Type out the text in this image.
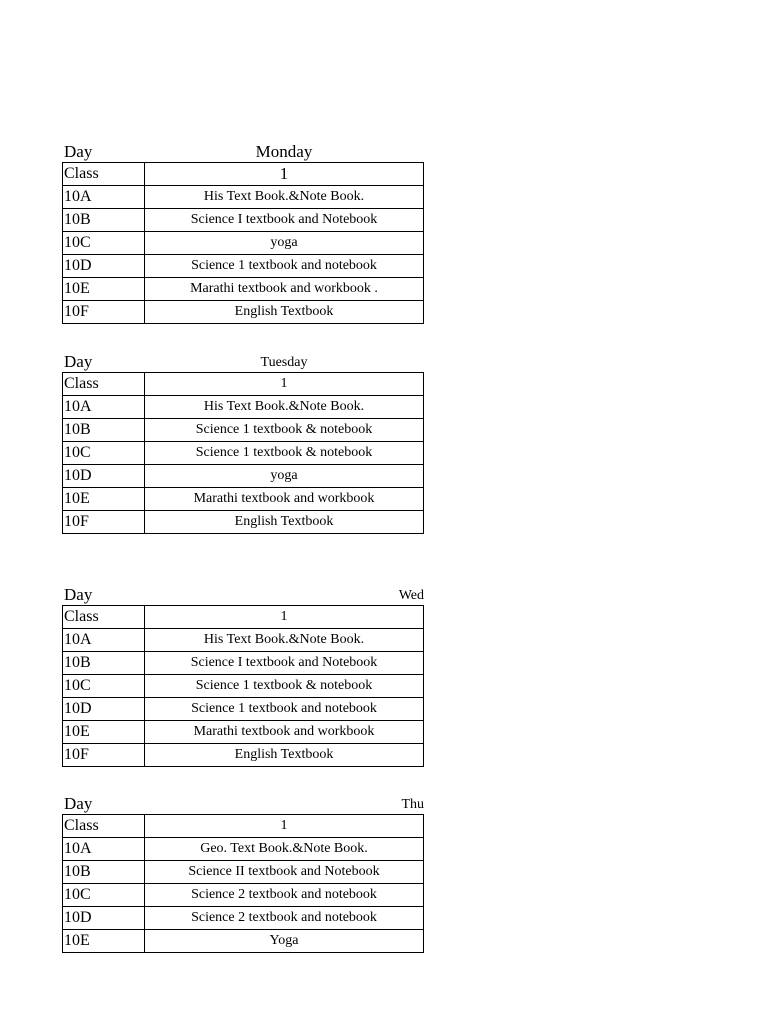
Day	Monday
Class	1
10A	His Text Book.&Note Book.
10B	Science I textbook and Notebook
10C	yoga
10D	Science 1 textbook and notebook
10E	Marathi textbook and workbook .
10F	English Textbook
Day	Tuesday
Class	1
10A	His Text Book.&Note Book.
10B	Science 1 textbook & notebook
10C	Science 1 textbook & notebook
10D	yoga
10E	Marathi textbook and workbook
10F	English Textbook
Day	Wed
Class	1
10A	His Text Book.&Note Book.
10B	Science I textbook and Notebook
10C	Science 1 textbook & notebook
10D	Science 1 textbook and notebook
10E	Marathi textbook and workbook
10F	English Textbook
Day	Thu
Class	1
10A	Geo. Text Book.&Note Book.
10B	Science II textbook and Notebook
10C	Science 2 textbook and notebook
10D	Science 2 textbook and notebook
10E	Yoga
